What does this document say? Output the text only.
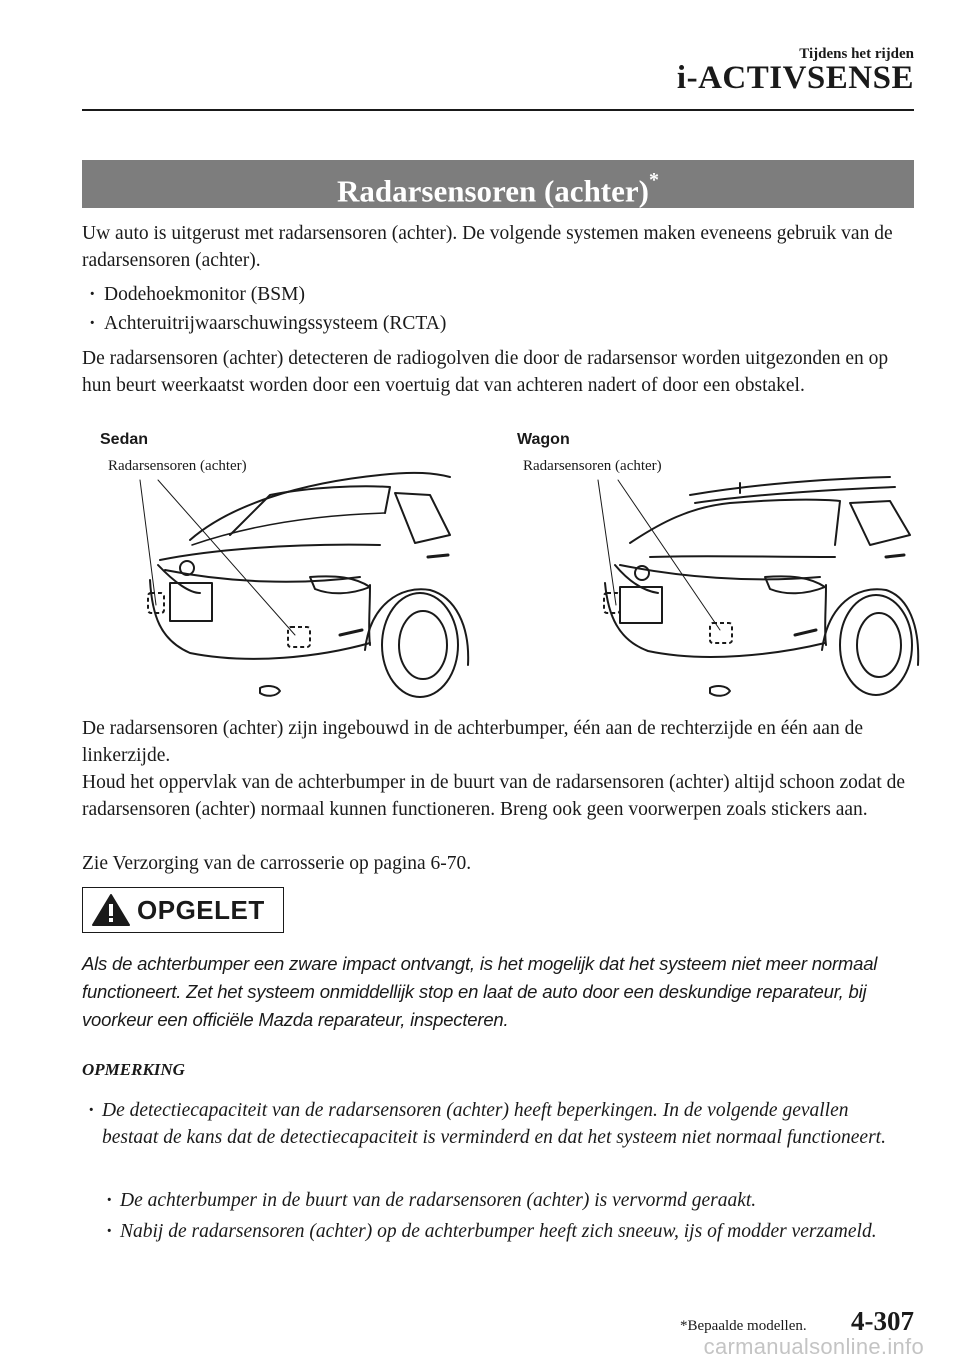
Tijdens het rijden
i-ACTIVSENSE
Radarsensoren (achter)*

Uw auto is uitgerust met radarsensoren (achter). De volgende systemen maken eveneens gebruik van de radarsensoren (achter).

· Dodehoekmonitor (BSM)
· Achteruitrijwaarschuwingssysteem (RCTA)

De radarsensoren (achter) detecteren de radiogolven die door de radarsensor worden uitgezonden en op hun beurt weerkaatst worden door een voertuig dat van achteren nadert of door een obstakel.

Sedan
Radarsensoren (achter)
Wagon
Radarsensoren (achter)

De radarsensoren (achter) zijn ingebouwd in de achterbumper, één aan de rechterzijde en één aan de linkerzijde.

Houd het oppervlak van de achterbumper in de buurt van de radarsensoren (achter) altijd schoon zodat de radarsensoren (achter) normaal kunnen functioneren. Breng ook geen voorwerpen zoals stickers aan.

Zie Verzorging van de carrosserie op pagina 6-70.

OPGELET

Als de achterbumper een zware impact ontvangt, is het mogelijk dat het systeem niet meer normaal functioneert. Zet het systeem onmiddellijk stop en laat de auto door een deskundige reparateur, bij voorkeur een officiële Mazda reparateur, inspecteren.

OPMERKING
· De detectiecapaciteit van de radarsensoren (achter) heeft beperkingen. In de volgende gevallen bestaat de kans dat de detectiecapaciteit is verminderd en dat het systeem niet normaal functioneert.
· De achterbumper in de buurt van de radarsensoren (achter) is vervormd geraakt.
· Nabij de radarsensoren (achter) op de achterbumper heeft zich sneeuw, ijs of modder verzameld.
*Bepaalde modellen. 4-307
carmanualsonline.info
